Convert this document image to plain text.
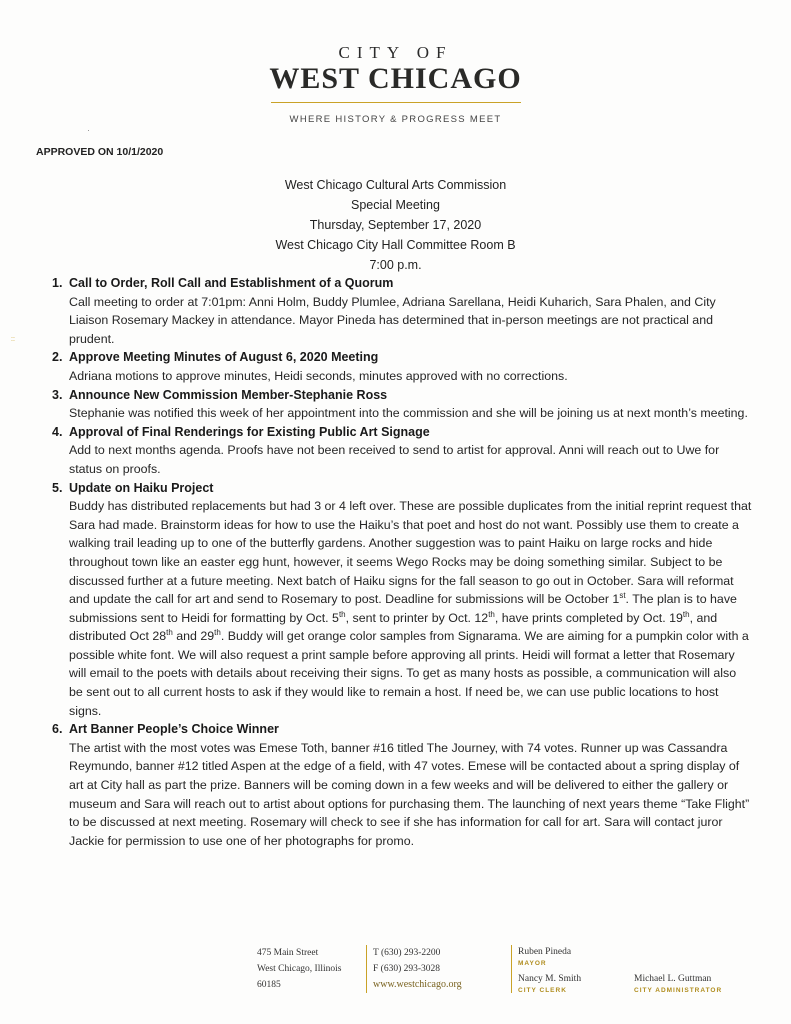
CITY OF
WEST CHICAGO
WHERE HISTORY & PROGRESS MEET
::
APPROVED ON 10/1/2020
West Chicago Cultural Arts Commission
Special Meeting
Thursday, September 17, 2020
West Chicago City Hall Committee Room B
7:00 p.m.
1. Call to Order, Roll Call and Establishment of a Quorum
Call meeting to order at 7:01pm: Anni Holm, Buddy Plumlee, Adriana Sarellana, Heidi Kuharich, Sara Phalen, and City Liaison Rosemary Mackey in attendance. Mayor Pineda has determined that in-person meetings are not practical and prudent.
2. Approve Meeting Minutes of August 6, 2020 Meeting
Adriana motions to approve minutes, Heidi seconds, minutes approved with no corrections.
3. Announce New Commission Member-Stephanie Ross
Stephanie was notified this week of her appointment into the commission and she will be joining us at next month’s meeting.
4. Approval of Final Renderings for Existing Public Art Signage
Add to next months agenda. Proofs have not been received to send to artist for approval. Anni will reach out to Uwe for status on proofs.
5. Update on Haiku Project
Buddy has distributed replacements but had 3 or 4 left over. These are possible duplicates from the initial reprint request that Sara had made. Brainstorm ideas for how to use the Haiku’s that poet and host do not want. Possibly use them to create a walking trail leading up to one of the butterfly gardens. Another suggestion was to paint Haiku on large rocks and hide throughout town like an easter egg hunt, however, it seems Wego Rocks may be doing something similar. Subject to be discussed further at a future meeting. Next batch of Haiku signs for the fall season to go out in October. Sara will reformat and update the call for art and send to Rosemary to post. Deadline for submissions will be October 1st. The plan is to have submissions sent to Heidi for formatting by Oct. 5th, sent to printer by Oct. 12th, have prints completed by Oct. 19th, and distributed Oct 28th and 29th. Buddy will get orange color samples from Signarama. We are aiming for a pumpkin color with a possible white font. We will also request a print sample before approving all prints. Heidi will format a letter that Rosemary will email to the poets with details about receiving their signs. To get as many hosts as possible, a communication will also be sent out to all current hosts to ask if they would like to remain a host. If need be, we can use public locations to host signs.
6. Art Banner People’s Choice Winner
The artist with the most votes was Emese Toth, banner #16 titled The Journey, with 74 votes. Runner up was Cassandra Reymundo, banner #12 titled Aspen at the edge of a field, with 47 votes. Emese will be contacted about a spring display of art at City hall as part the prize. Banners will be coming down in a few weeks and will be delivered to either the gallery or museum and Sara will reach out to artist about options for purchasing them. The launching of next years theme “Take Flight” to be discussed at next meeting. Rosemary will check to see if she has information for call for art. Sara will contact juror Jackie for permission to use one of her photographs for promo.
475 Main Street
West Chicago, Illinois
60185
T (630) 293-2200
F (630) 293-3028
www.westchicago.org
Ruben Pineda
MAYOR
Nancy M. Smith
CITY CLERK
Michael L. Guttman
CITY ADMINISTRATOR
